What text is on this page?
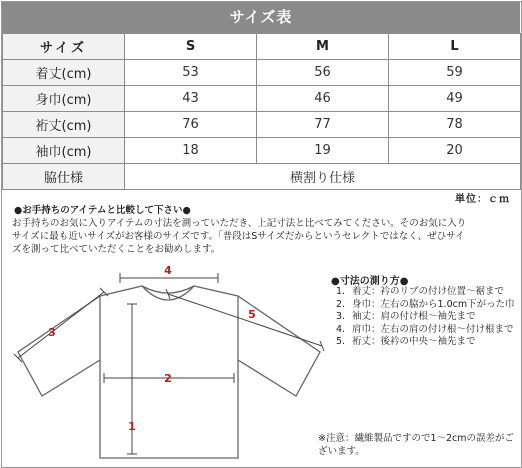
サイズ表
サイズ	S	M	L
着丈(cm)	53	56	59
身巾(cm)	43	46	49
裄丈(cm)	76	77	78
袖巾(cm)	18	19	20
脇仕様	横割り仕様		
単位：ｃｍ
●お手持ちのアイテムと比較して下さい●
お手持ちのお気に入りアイテムの寸法を測っていただき、上記寸法と比べてみてください。そのお気に入り
サイズに最も近いサイズがお客様のサイズです。「普段はSサイズだからというセレクトではなく、ぜひサイ
ズを測って比べていただくことをお勧めします。
4
2
1
3
5
●寸法の測り方●
1. 着丈：衿のリブの付け位置～裾まで
2. 身巾：左右の脇から1.0cm下がった巾
3. 袖丈：肩の付け根～袖先まで
4. 肩巾：左右の肩の付け根～付け根まで
5. 裄丈：後衿の中央～袖先まで
※注意：繊維製品ですので1～2cmの誤差がございます。
